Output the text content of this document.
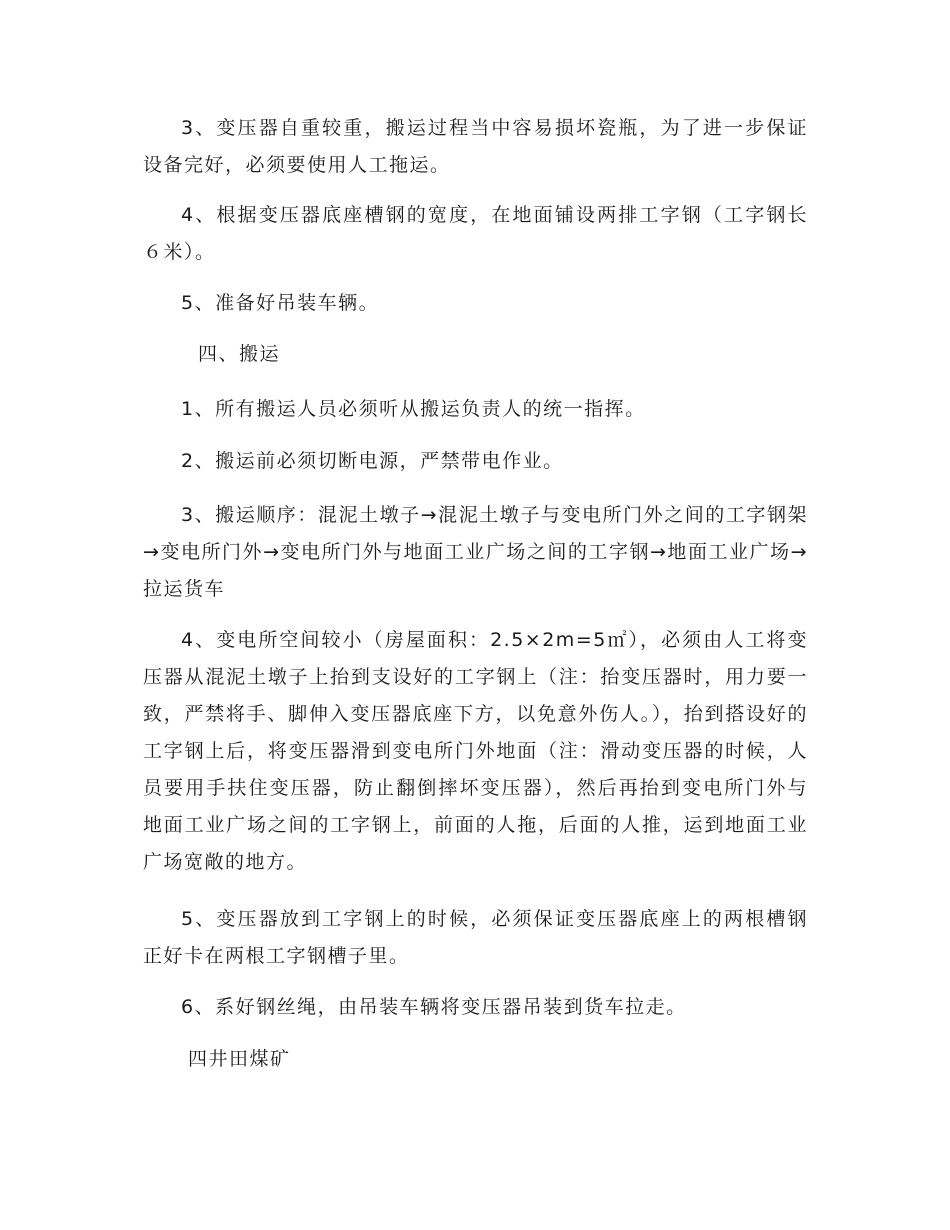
3、变压器自重较重，搬运过程当中容易损坏瓷瓶，为了进一步保证设备完好，必须要使用人工拖运。

4、根据变压器底座槽钢的宽度，在地面铺设两排工字钢（工字钢长６米）。

5、准备好吊装车辆。

四、搬运

1、所有搬运人员必须听从搬运负责人的统一指挥。

2、搬运前必须切断电源，严禁带电作业。

3、搬运顺序：混泥土墩子→混泥土墩子与变电所门外之间的工字钢架→变电所门外→变电所门外与地面工业广场之间的工字钢→地面工业广场→拉运货车

4、变电所空间较小（房屋面积：2.5×2m=5㎡），必须由人工将变压器从混泥土墩子上抬到支设好的工字钢上（注：抬变压器时，用力要一致，严禁将手、脚伸入变压器底座下方，以免意外伤人。），抬到搭设好的工字钢上后，将变压器滑到变电所门外地面（注：滑动变压器的时候，人员要用手扶住变压器，防止翻倒摔坏变压器），然后再抬到变电所门外与地面工业广场之间的工字钢上，前面的人拖，后面的人推，运到地面工业广场宽敞的地方。

5、变压器放到工字钢上的时候，必须保证变压器底座上的两根槽钢正好卡在两根工字钢槽子里。

6、系好钢丝绳，由吊装车辆将变压器吊装到货车拉走。

四井田煤矿
